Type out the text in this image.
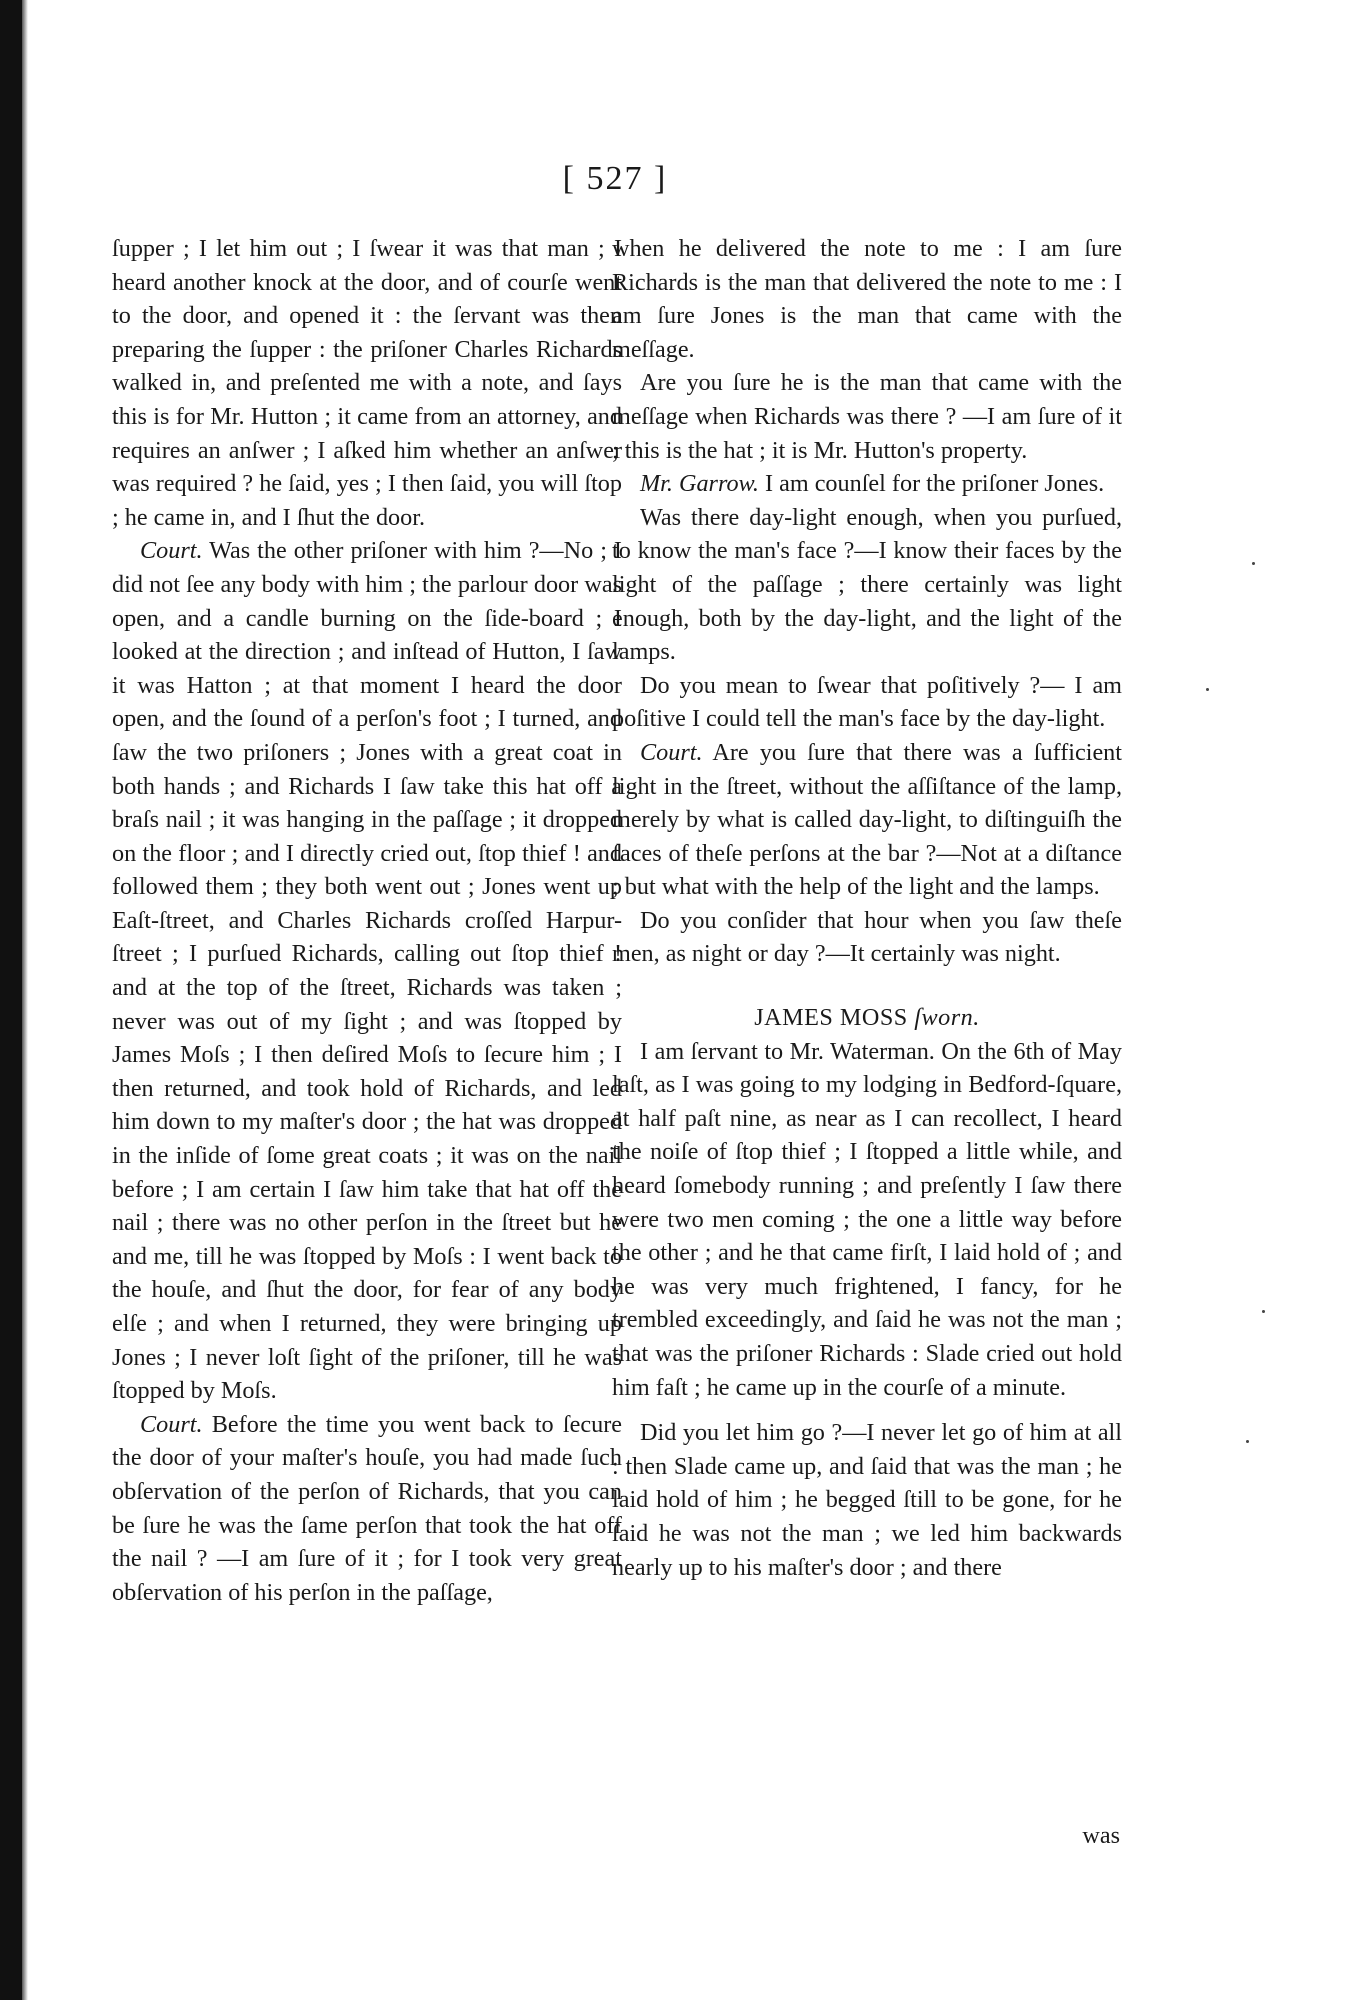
[ 527 ]

ſupper ; I let him out ; I ſwear it was that man ; I heard another knock at the door, and of courſe went to the door, and opened it : the ſervant was then preparing the ſupper : the priſoner Charles Richards walked in, and preſented me with a note, and ſays this is for Mr. Hutton ; it came from an attorney, and requires an anſwer ; I aſked him whether an anſwer was required ? he ſaid, yes ; I then ſaid, you will ſtop ; he came in, and I ſhut the door.

Court. Was the other priſoner with him ?—No ; I did not ſee any body with him ; the parlour door was open, and a candle burning on the ſide-board ; I looked at the direction ; and inſtead of Hutton, I ſaw it was Hatton ; at that moment I heard the door open, and the ſound of a perſon's foot ; I turned, and ſaw the two priſoners ; Jones with a great coat in both hands ; and Richards I ſaw take this hat off a braſs nail ; it was hanging in the paſſage ; it dropped on the floor ; and I directly cried out, ſtop thief ! and followed them ; they both went out ; Jones went up Eaſt-ſtreet, and Charles Richards croſſed Harpur-ſtreet ; I purſued Richards, calling out ſtop thief ! and at the top of the ſtreet, Richards was taken ; never was out of my ſight ; and was ſtopped by James Moſs ; I then deſired Moſs to ſecure him ; I then returned, and took hold of Richards, and led him down to my maſter's door ; the hat was dropped in the inſide of ſome great coats ; it was on the nail before ; I am certain I ſaw him take that hat off the nail ; there was no other perſon in the ſtreet but he and me, till he was ſtopped by Moſs : I went back to the houſe, and ſhut the door, for fear of any body elſe ; and when I returned, they were bringing up Jones ; I never loſt ſight of the priſoner, till he was ſtopped by Moſs.

Court. Before the time you went back to ſecure the door of your maſter's houſe, you had made ſuch obſervation of the perſon of Richards, that you can be ſure he was the ſame perſon that took the hat off the nail ? —I am ſure of it ; for I took very great obſervation of his perſon in the paſſage,

when he delivered the note to me : I am ſure Richards is the man that delivered the note to me : I am ſure Jones is the man that came with the meſſage.

Are you ſure he is the man that came with the meſſage when Richards was there ? —I am ſure of it ; this is the hat ; it is Mr. Hutton's property.

Mr. Garrow. I am counſel for the priſoner Jones.

Was there day-light enough, when you purſued, to know the man's face ?—I know their faces by the light of the paſſage ; there certainly was light enough, both by the day-light, and the light of the lamps.

Do you mean to ſwear that poſitively ?— I am poſitive I could tell the man's face by the day-light.

Court. Are you ſure that there was a ſufficient light in the ſtreet, without the aſſiſtance of the lamp, merely by what is called day-light, to diſtinguiſh the faces of theſe perſons at the bar ?—Not at a diſtance ; but what with the help of the light and the lamps.

Do you conſider that hour when you ſaw theſe men, as night or day ?—It certainly was night.

JAMES MOSS ſworn.

I am ſervant to Mr. Waterman. On the 6th of May laſt, as I was going to my lodging in Bedford-ſquare, at half paſt nine, as near as I can recollect, I heard the noiſe of ſtop thief ; I ſtopped a little while, and heard ſomebody running ; and preſently I ſaw there were two men coming ; the one a little way before the other ; and he that came firſt, I laid hold of ; and he was very much frightened, I fancy, for he trembled exceedingly, and ſaid he was not the man ; that was the priſoner Richards : Slade cried out hold him faſt ; he came up in the courſe of a minute.

Did you let him go ?—I never let go of him at all : then Slade came up, and ſaid that was the man ; he laid hold of him ; he begged ſtill to be gone, for he ſaid he was not the man ; we led him backwards nearly up to his maſter's door ; and there

was
